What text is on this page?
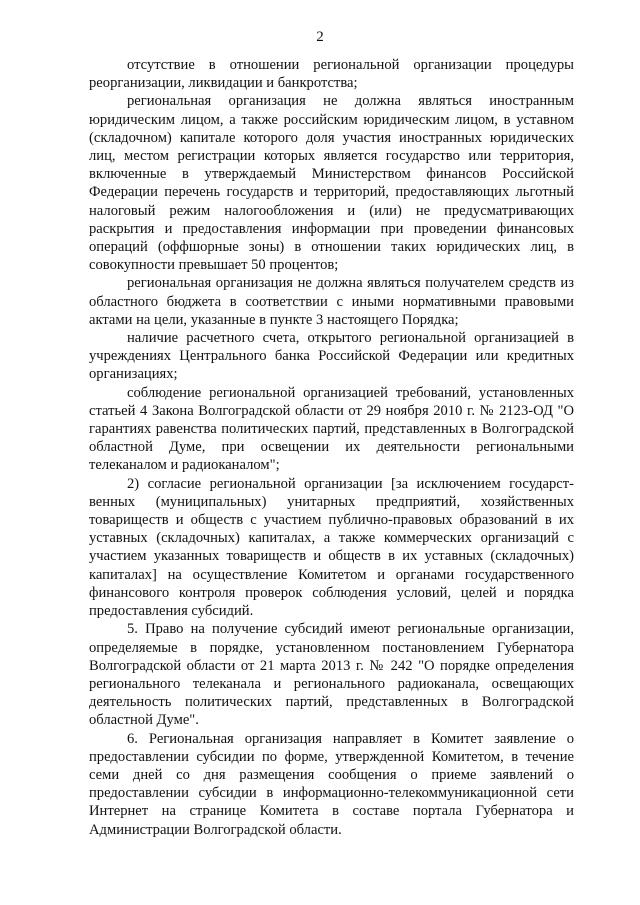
2

отсутствие в отношении региональной организации процедуры реорганизации, ликвидации и банкротства;

региональная организация не должна являться иностранным юридическим лицом, а также российским юридическим лицом, в уставном (складочном) капитале которого доля участия иностранных юридических лиц, местом регистрации которых является государство или территория, включенные в утверждаемый Министерством финансов Российской Федерации перечень государств и территорий, предоставляющих льготный налоговый режим налогообложения и (или) не предусматривающих раскрытия и предоставления информации при проведении финансовых операций (оффшорные зоны) в отношении таких юридических лиц, в совокупности превышает 50 процентов;

региональная организация не должна являться получателем средств из областного бюджета в соответствии с иными нормативными правовыми актами на цели, указанные в пункте 3 настоящего Порядка;

наличие расчетного счета, открытого региональной организацией в учреждениях Центрального банка Российской Федерации или кредитных организациях;

соблюдение региональной организацией требований, установленных статьей 4 Закона Волгоградской области от 29 ноября 2010 г. № 2123-ОД "О гарантиях равенства политических партий, представленных в Волгоградской областной Думе, при освещении их деятельности региональными телеканалом и радиоканалом";

2) согласие региональной организации [за исключением государст-венных (муниципальных) унитарных предприятий, хозяйственных товариществ и обществ с участием публично-правовых образований в их уставных (складочных) капиталах, а также коммерческих организаций с участием указанных товариществ и обществ в их уставных (складочных) капиталах] на осуществление Комитетом и органами государственного финансового контроля проверок соблюдения условий, целей и порядка предоставления субсидий.

5. Право на получение субсидий имеют региональные организации, определяемые в порядке, установленном постановлением Губернатора Волгоградской области от 21 марта 2013 г. № 242 "О порядке определения регионального телеканала и регионального радиоканала, освещающих деятельность политических партий, представленных в Волгоградской областной Думе".

6. Региональная организация направляет в Комитет заявление о предоставлении субсидии по форме, утвержденной Комитетом, в течение семи дней со дня размещения сообщения о приеме заявлений о предоставлении субсидии в информационно-телекоммуникационной сети Интернет на странице Комитета в составе портала Губернатора и Администрации Волгоградской области.
